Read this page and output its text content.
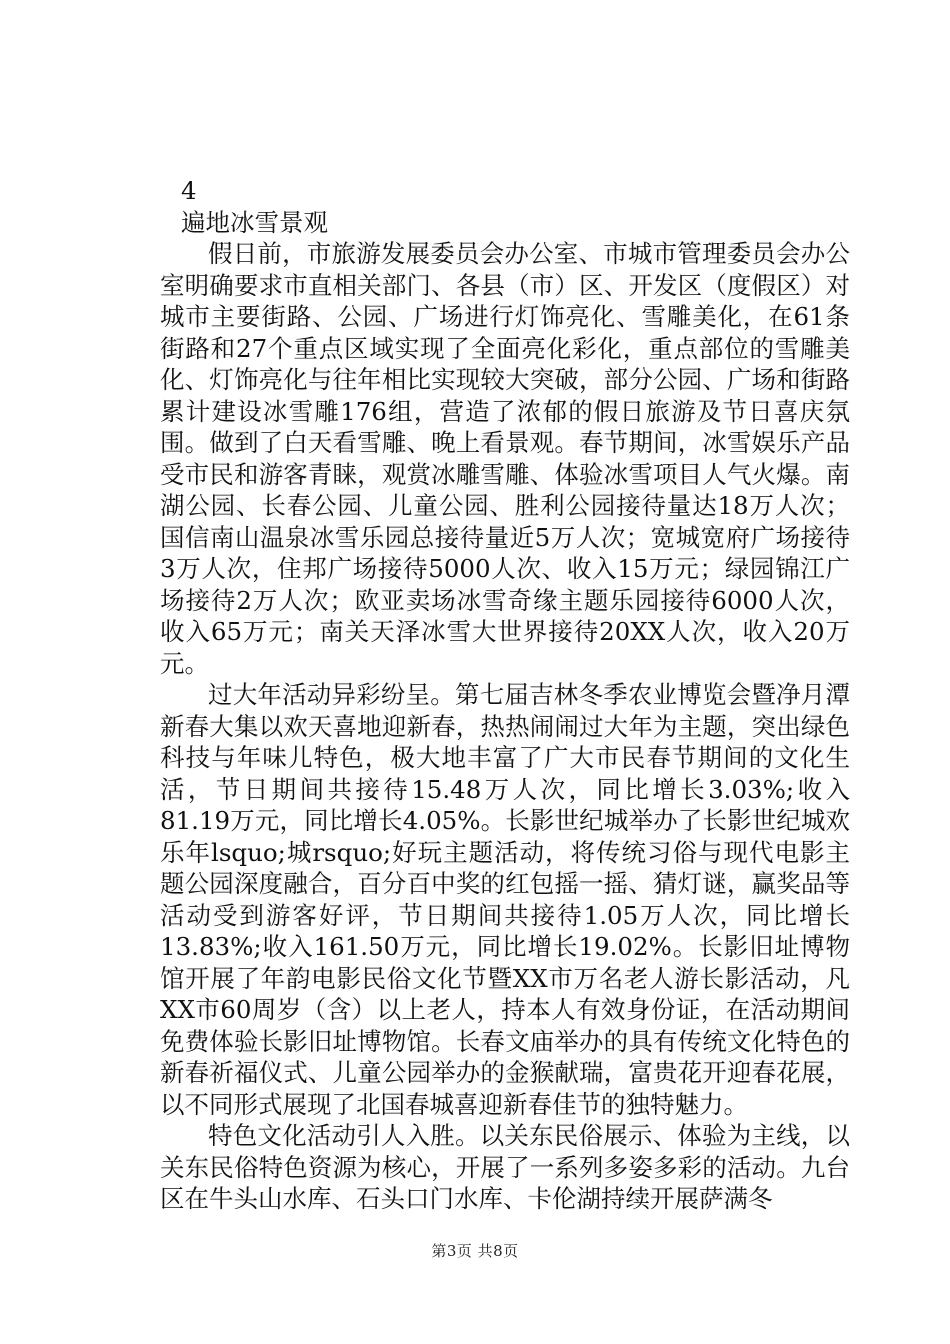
4

遍地冰雪景观

假日前，市旅游发展委员会办公室、市城市管理委员会办公室明确要求市直相关部门、各县（市）区、开发区（度假区）对城市主要街路、公园、广场进行灯饰亮化、雪雕美化，在61条街路和27个重点区域实现了全面亮化彩化，重点部位的雪雕美化、灯饰亮化与往年相比实现较大突破，部分公园、广场和街路累计建设冰雪雕176组，营造了浓郁的假日旅游及节日喜庆氛围。做到了白天看雪雕、晚上看景观。春节期间，冰雪娱乐产品受市民和游客青睐，观赏冰雕雪雕、体验冰雪项目人气火爆。南湖公园、长春公园、儿童公园、胜利公园接待量达18万人次；国信南山温泉冰雪乐园总接待量近5万人次；宽城宽府广场接待3万人次，住邦广场接待5000人次、收入15万元；绿园锦江广场接待2万人次；欧亚卖场冰雪奇缘主题乐园接待6000人次，收入65万元；南关天泽冰雪大世界接待20XX人次，收入20万元。

过大年活动异彩纷呈。第七届吉林冬季农业博览会暨净月潭新春大集以欢天喜地迎新春，热热闹闹过大年为主题，突出绿色科技与年味儿特色，极大地丰富了广大市民春节期间的文化生活，节日期间共接待15.48万人次，同比增长3.03%;收入81.19万元，同比增长4.05%。长影世纪城举办了长影世纪城欢乐年lsquo;城rsquo;好玩主题活动，将传统习俗与现代电影主题公园深度融合，百分百中奖的红包摇一摇、猜灯谜，赢奖品等活动受到游客好评，节日期间共接待1.05万人次，同比增长13.83%;收入161.50万元，同比增长19.02%。长影旧址博物馆开展了年韵电影民俗文化节暨XX市万名老人游长影活动，凡XX市60周岁（含）以上老人，持本人有效身份证，在活动期间免费体验长影旧址博物馆。长春文庙举办的具有传统文化特色的新春祈福仪式、儿童公园举办的金猴献瑞，富贵花开迎春花展，以不同形式展现了北国春城喜迎新春佳节的独特魅力。

特色文化活动引人入胜。以关东民俗展示、体验为主线，以关东民俗特色资源为核心，开展了一系列多姿多彩的活动。九台区在牛头山水库、石头口门水库、卡伦湖持续开展萨满冬

第3页 共8页
